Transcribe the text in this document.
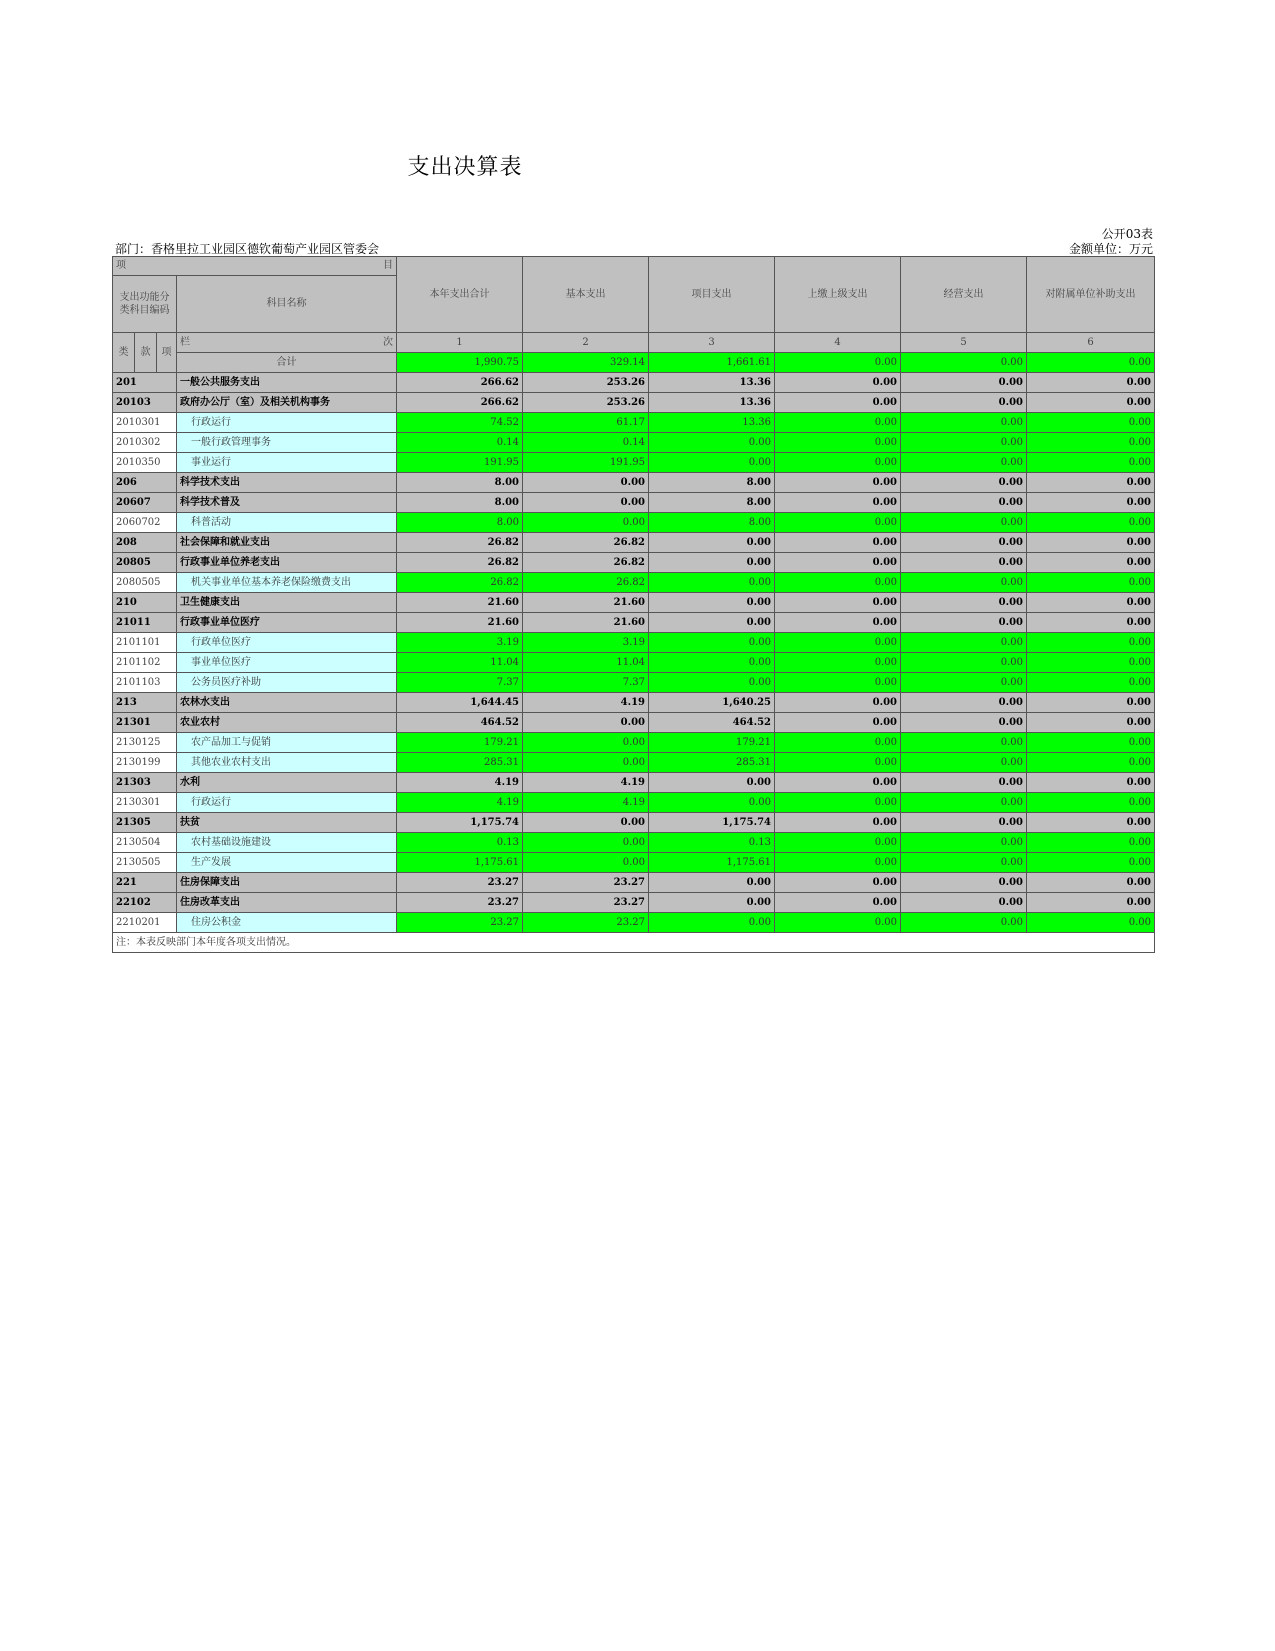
支出决算表
公开03表
部门：香格里拉工业园区德钦葡萄产业园区管委会	金额单位：万元
项			目	本年支出合计	基本支出	项目支出	上缴上级支出	经营支出	对附属单位补助支出
支出功能分类科目编码			科目名称						
类	款	项	栏 次	1	2	3	4	5	6
			合计	1,990.75	329.14	1,661.61	0.00	0.00	0.00
201			一般公共服务支出	266.62	253.26	13.36	0.00	0.00	0.00
20103			政府办公厅（室）及相关机构事务	266.62	253.26	13.36	0.00	0.00	0.00
2010301			行政运行	74.52	61.17	13.36	0.00	0.00	0.00
2010302			一般行政管理事务	0.14	0.14	0.00	0.00	0.00	0.00
2010350			事业运行	191.95	191.95	0.00	0.00	0.00	0.00
206			科学技术支出	8.00	0.00	8.00	0.00	0.00	0.00
20607			科学技术普及	8.00	0.00	8.00	0.00	0.00	0.00
2060702			科普活动	8.00	0.00	8.00	0.00	0.00	0.00
208			社会保障和就业支出	26.82	26.82	0.00	0.00	0.00	0.00
20805			行政事业单位养老支出	26.82	26.82	0.00	0.00	0.00	0.00
2080505			机关事业单位基本养老保险缴费支出	26.82	26.82	0.00	0.00	0.00	0.00
210			卫生健康支出	21.60	21.60	0.00	0.00	0.00	0.00
21011			行政事业单位医疗	21.60	21.60	0.00	0.00	0.00	0.00
2101101			行政单位医疗	3.19	3.19	0.00	0.00	0.00	0.00
2101102			事业单位医疗	11.04	11.04	0.00	0.00	0.00	0.00
2101103			公务员医疗补助	7.37	7.37	0.00	0.00	0.00	0.00
213			农林水支出	1,644.45	4.19	1,640.25	0.00	0.00	0.00
21301			农业农村	464.52	0.00	464.52	0.00	0.00	0.00
2130125			农产品加工与促销	179.21	0.00	179.21	0.00	0.00	0.00
2130199			其他农业农村支出	285.31	0.00	285.31	0.00	0.00	0.00
21303			水利	4.19	4.19	0.00	0.00	0.00	0.00
2130301			行政运行	4.19	4.19	0.00	0.00	0.00	0.00
21305			扶贫	1,175.74	0.00	1,175.74	0.00	0.00	0.00
2130504			农村基础设施建设	0.13	0.00	0.13	0.00	0.00	0.00
2130505			生产发展	1,175.61	0.00	1,175.61	0.00	0.00	0.00
221			住房保障支出	23.27	23.27	0.00	0.00	0.00	0.00
22102			住房改革支出	23.27	23.27	0.00	0.00	0.00	0.00
2210201			住房公积金	23.27	23.27	0.00	0.00	0.00	0.00
注：本表反映部门本年度各项支出情况。									
